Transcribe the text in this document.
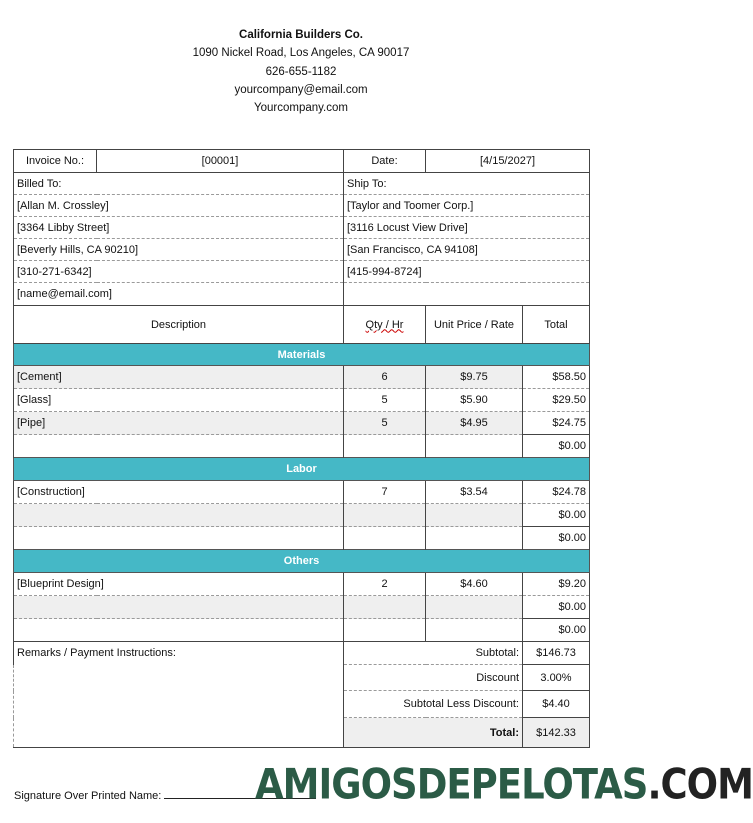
California Builders Co.
1090 Nickel Road, Los Angeles, CA 90017
626-655-1182
yourcompany@email.com
Yourcompany.com
Invoice No.:	[00001]	Date:	[4/15/2027]	
Billed To:		Ship To:		
[Allan M. Crossley]		[Taylor and Toomer Corp.]		
[3364 Libby Street]		[3116 Locust View Drive]		
[Beverly Hills, CA 90210]		[San Francisco, CA 94108]		
[310-271-6342]		[415-994-8724]		
[name@email.com]				
Description		Qty / Hr	Unit Price / Rate	Total
Materials				
[Cement]		6	$9.75	$58.50
[Glass]		5	$5.90	$29.50
[Pipe]		5	$4.95	$24.75
				$0.00
Labor				
[Construction]		7	$3.54	$24.78
				$0.00
				$0.00
Others				
[Blueprint Design]		2	$4.60	$9.20
				$0.00
				$0.00
Remarks / Payment Instructions:		Subtotal:		$146.73
		Discount		3.00%
		Subtotal Less Discount:		$4.40
		Total:		$142.33
Signature Over Printed Name:	AMIGOSDEPELOTAS.COM
